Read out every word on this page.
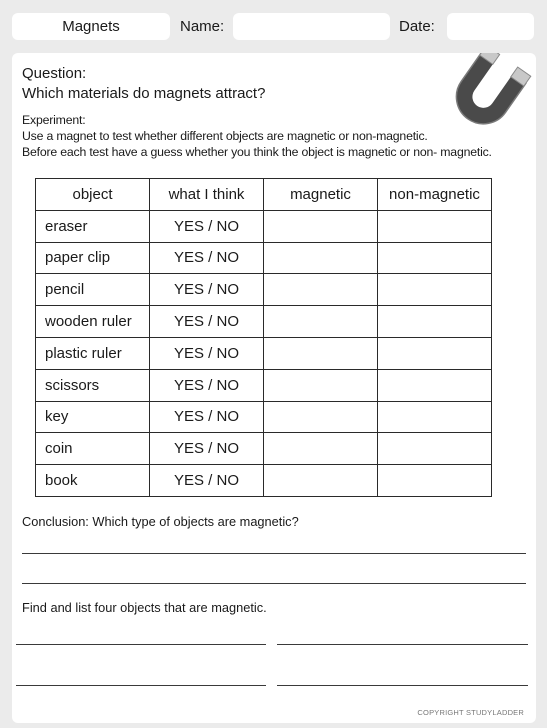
Magnets	Name:	Date:
Question:
Which materials do magnets attract?
Experiment:
Use a magnet to test whether different objects are magnetic or non-magnetic.
Before each test have a guess whether you think the object is magnetic or non- magnetic.
object	what I think	magnetic	non-magnetic
eraser	YES / NO		
paper clip	YES / NO		
pencil	YES / NO		
wooden ruler	YES / NO		
plastic ruler	YES / NO		
scissors	YES / NO		
key	YES / NO		
coin	YES / NO		
book	YES / NO		
Conclusion: Which type of objects are magnetic?
Find and list four objects that are magnetic.
COPYRIGHT STUDYLADDER
